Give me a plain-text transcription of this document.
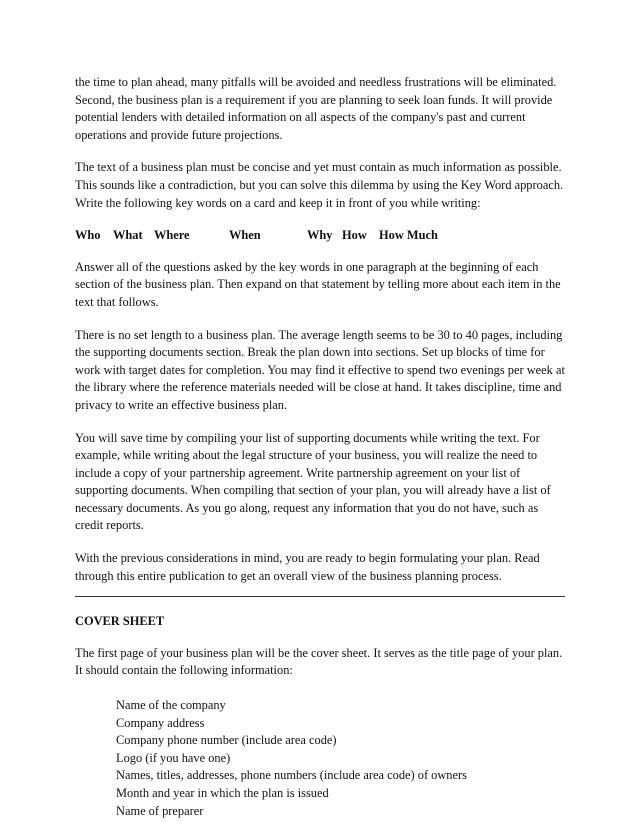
the time to plan ahead, many pitfalls will be avoided and needless frustrations will be eliminated. Second, the business plan is a requirement if you are planning to seek loan funds. It will provide potential lenders with detailed information on all aspects of the company's past and current operations and provide future projections.

The text of a business plan must be concise and yet must contain as much information as possible. This sounds like a contradiction, but you can solve this dilemma by using the Key Word approach. Write the following key words on a card and keep it in front of you while writing:

Who What Where	When	Why How How Much

Answer all of the questions asked by the key words in one paragraph at the beginning of each section of the business plan. Then expand on that statement by telling more about each item in the text that follows.

There is no set length to a business plan. The average length seems to be 30 to 40 pages, including the supporting documents section. Break the plan down into sections. Set up blocks of time for work with target dates for completion. You may find it effective to spend two evenings per week at the library where the reference materials needed will be close at hand. It takes discipline, time and privacy to write an effective business plan.

You will save time by compiling your list of supporting documents while writing the text. For example, while writing about the legal structure of your business, you will realize the need to include a copy of your partnership agreement. Write partnership agreement on your list of supporting documents. When compiling that section of your plan, you will already have a list of necessary documents. As you go along, request any information that you do not have, such as credit reports.

With the previous considerations in mind, you are ready to begin formulating your plan. Read through this entire publication to get an overall view of the business planning process.

COVER SHEET

The first page of your business plan will be the cover sheet. It serves as the title page of your plan. It should contain the following information:

Name of the company
Company address
Company phone number (include area code)
Logo (if you have one)
Names, titles, addresses, phone numbers (include area code) of owners
Month and year in which the plan is issued
Name of preparer
